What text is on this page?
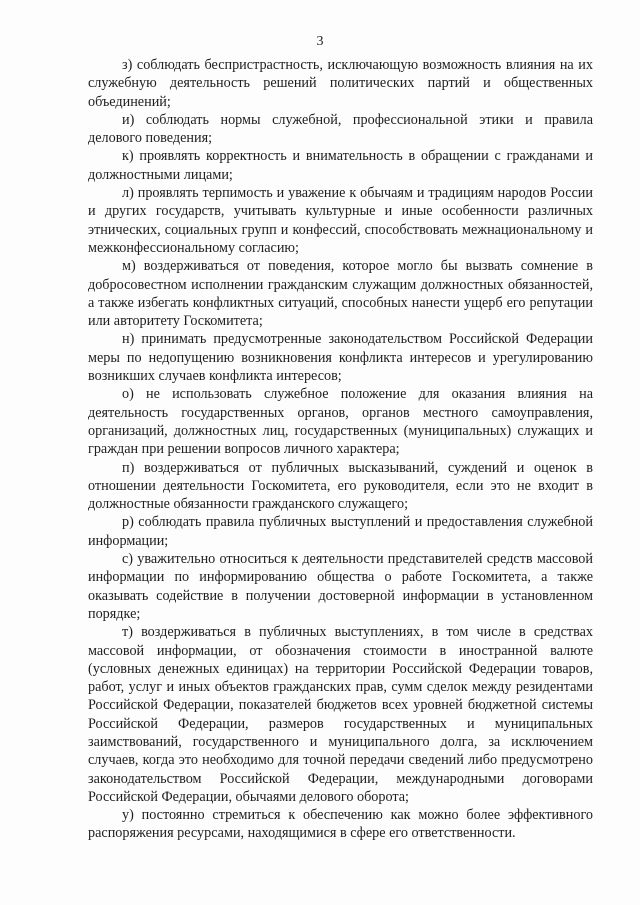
3

з) соблюдать беспристрастность, исключающую возможность влияния на их служебную деятельность решений политических партий и общественных объединений;

и) соблюдать нормы служебной, профессиональной этики и правила делового поведения;

к) проявлять корректность и внимательность в обращении с гражданами и должностными лицами;

л) проявлять терпимость и уважение к обычаям и традициям народов России и других государств, учитывать культурные и иные особенности различных этнических, социальных групп и конфессий, способствовать межнациональному и межконфессиональному согласию;

м) воздерживаться от поведения, которое могло бы вызвать сомнение в добросовестном исполнении гражданским служащим должностных обязанностей, а также избегать конфликтных ситуаций, способных нанести ущерб его репутации или авторитету Госкомитета;

н) принимать предусмотренные законодательством Российской Федерации меры по недопущению возникновения конфликта интересов и урегулированию возникших случаев конфликта интересов;

о) не использовать служебное положение для оказания влияния на деятельность государственных органов, органов местного самоуправления, организаций, должностных лиц, государственных (муниципальных) служащих и граждан при решении вопросов личного характера;

п) воздерживаться от публичных высказываний, суждений и оценок в отношении деятельности Госкомитета, его руководителя, если это не входит в должностные обязанности гражданского служащего;

р) соблюдать правила публичных выступлений и предоставления служебной информации;

с) уважительно относиться к деятельности представителей средств массовой информации по информированию общества о работе Госкомитета, а также оказывать содействие в получении достоверной информации в установленном порядке;

т) воздерживаться в публичных выступлениях, в том числе в средствах массовой информации, от обозначения стоимости в иностранной валюте (условных денежных единицах) на территории Российской Федерации товаров, работ, услуг и иных объектов гражданских прав, сумм сделок между резидентами Российской Федерации, показателей бюджетов всех уровней бюджетной системы Российской Федерации, размеров государственных и муниципальных заимствований, государственного и муниципального долга, за исключением случаев, когда это необходимо для точной передачи сведений либо предусмотрено законодательством Российской Федерации, международными договорами Российской Федерации, обычаями делового оборота;

у) постоянно стремиться к обеспечению как можно более эффективного распоряжения ресурсами, находящимися в сфере его ответственности.
